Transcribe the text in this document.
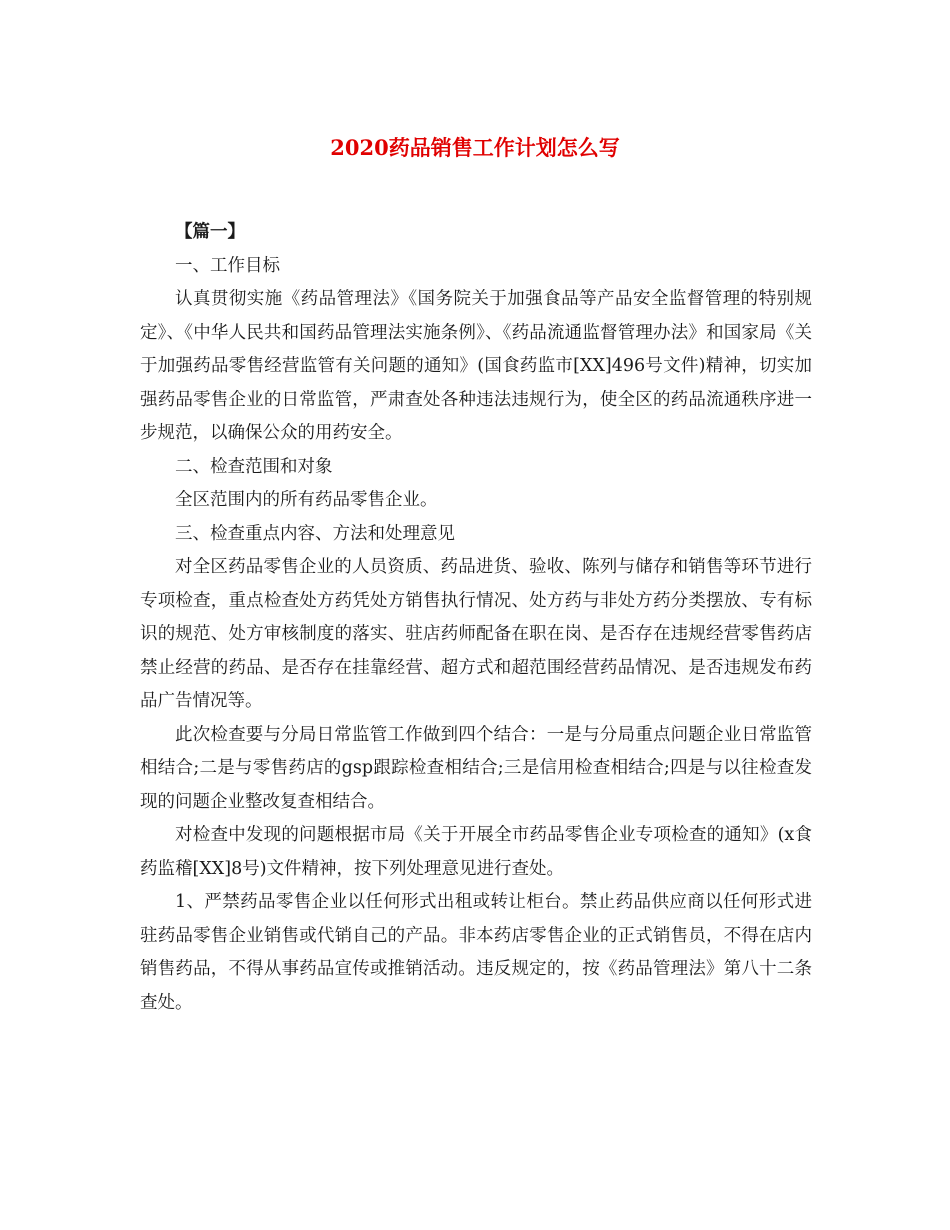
2020药品销售工作计划怎么写

【篇一】

一、工作目标

认真贯彻实施《药品管理法》《国务院关于加强食品等产品安全监督管理的特别规定》、《中华人民共和国药品管理法实施条例》、《药品流通监督管理办法》和国家局《关于加强药品零售经营监管有关问题的通知》(国食药监市[XX]496号文件)精神，切实加强药品零售企业的日常监管，严肃查处各种违法违规行为，使全区的药品流通秩序进一步规范，以确保公众的用药安全。

二、检查范围和对象

全区范围内的所有药品零售企业。

三、检查重点内容、方法和处理意见

对全区药品零售企业的人员资质、药品进货、验收、陈列与储存和销售等环节进行专项检查，重点检查处方药凭处方销售执行情况、处方药与非处方药分类摆放、专有标识的规范、处方审核制度的落实、驻店药师配备在职在岗、是否存在违规经营零售药店禁止经营的药品、是否存在挂靠经营、超方式和超范围经营药品情况、是否违规发布药品广告情况等。

此次检查要与分局日常监管工作做到四个结合：一是与分局重点问题企业日常监管相结合;二是与零售药店的gsp跟踪检查相结合;三是信用检查相结合;四是与以往检查发现的问题企业整改复查相结合。

对检查中发现的问题根据市局《关于开展全市药品零售企业专项检查的通知》(x食药监稽[XX]8号)文件精神，按下列处理意见进行查处。

1、严禁药品零售企业以任何形式出租或转让柜台。禁止药品供应商以任何形式进驻药品零售企业销售或代销自己的产品。非本药店零售企业的正式销售员，不得在店内销售药品，不得从事药品宣传或推销活动。违反规定的，按《药品管理法》第八十二条查处。
